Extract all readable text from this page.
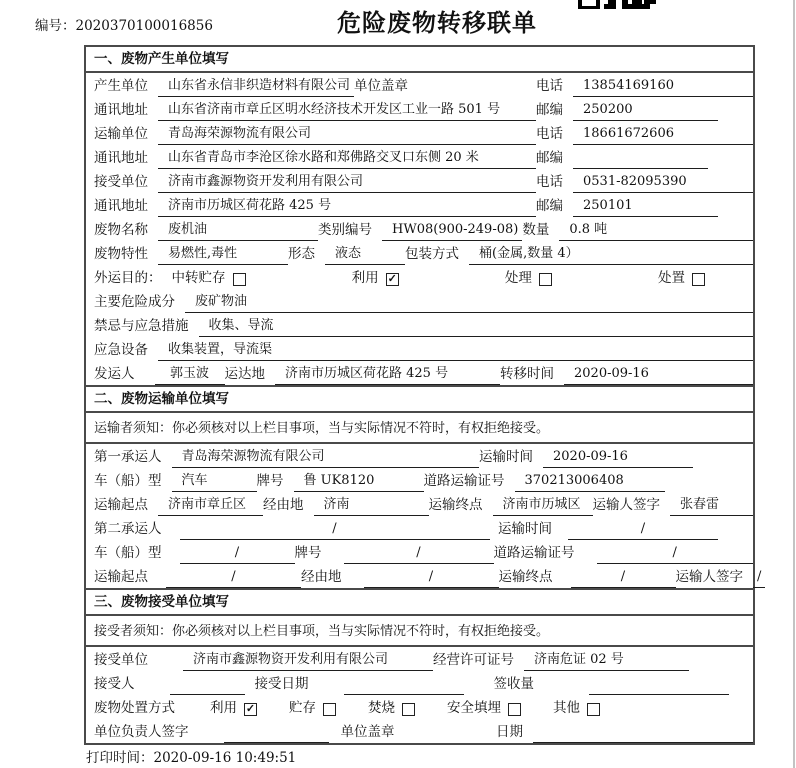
编号：2020370100016856	危险废物转移联单
一、废物产生单位填写
产生单位	山东省永信非织造材料有限公司 单位盖章	电话	13854169160
通讯地址	山东省济南市章丘区明水经济技术开发区工业一路 501 号	邮编	250200
运输单位	青岛海荣源物流有限公司	电话	18661672606
通讯地址	山东省青岛市李沧区徐水路和郑佛路交叉口东侧 20 米	邮编
接受单位	济南市鑫源物资开发利用有限公司	电话	0531-82095390
通讯地址	济南市历城区荷花路 425 号	邮编	250101
废物名称	废机油	类别编号	HW08(900-249-08) 数量	0.8 吨
废物特性	易燃性,毒性	形态	液态	包装方式	桶(金属,数量 4）
外运目的： 中转贮存	利用 ✓	处理	处置
主要危险成分	废矿物油
禁忌与应急措施	收集、导流
应急设备	收集装置，导流渠
发运人	郭玉波	运达地	济南市历城区荷花路 425 号	转移时间	2020-09-16
二、废物运输单位填写
运输者须知：你必须核对以上栏目事项，当与实际情况不符时，有权拒绝接受。
第一承运人	青岛海荣源物流有限公司	运输时间	2020-09-16
车（船）型	汽车	牌号	鲁 UK8120	道路运输证号	370213006408
运输起点	济南市章丘区	经由地	济南	运输终点	济南市历城区 运输人签字	张春雷
第二承运人	/	运输时间	/
车（船）型	/	牌号	/	道路运输证号	/
运输起点	/	经由地	/	运输终点	/	运输人签字	/
三、废物接受单位填写
接受者须知：你必须核对以上栏目事项，当与实际情况不符时，有权拒绝接受。
接受单位	济南市鑫源物资开发利用有限公司	经营许可证号	济南危证 02 号
接受人	接受日期	签收量
废物处置方式	利用 ✓	贮存	焚烧	安全填埋	其他
单位负责人签字	单位盖章	日期
打印时间：2020-09-16 10:49:51
